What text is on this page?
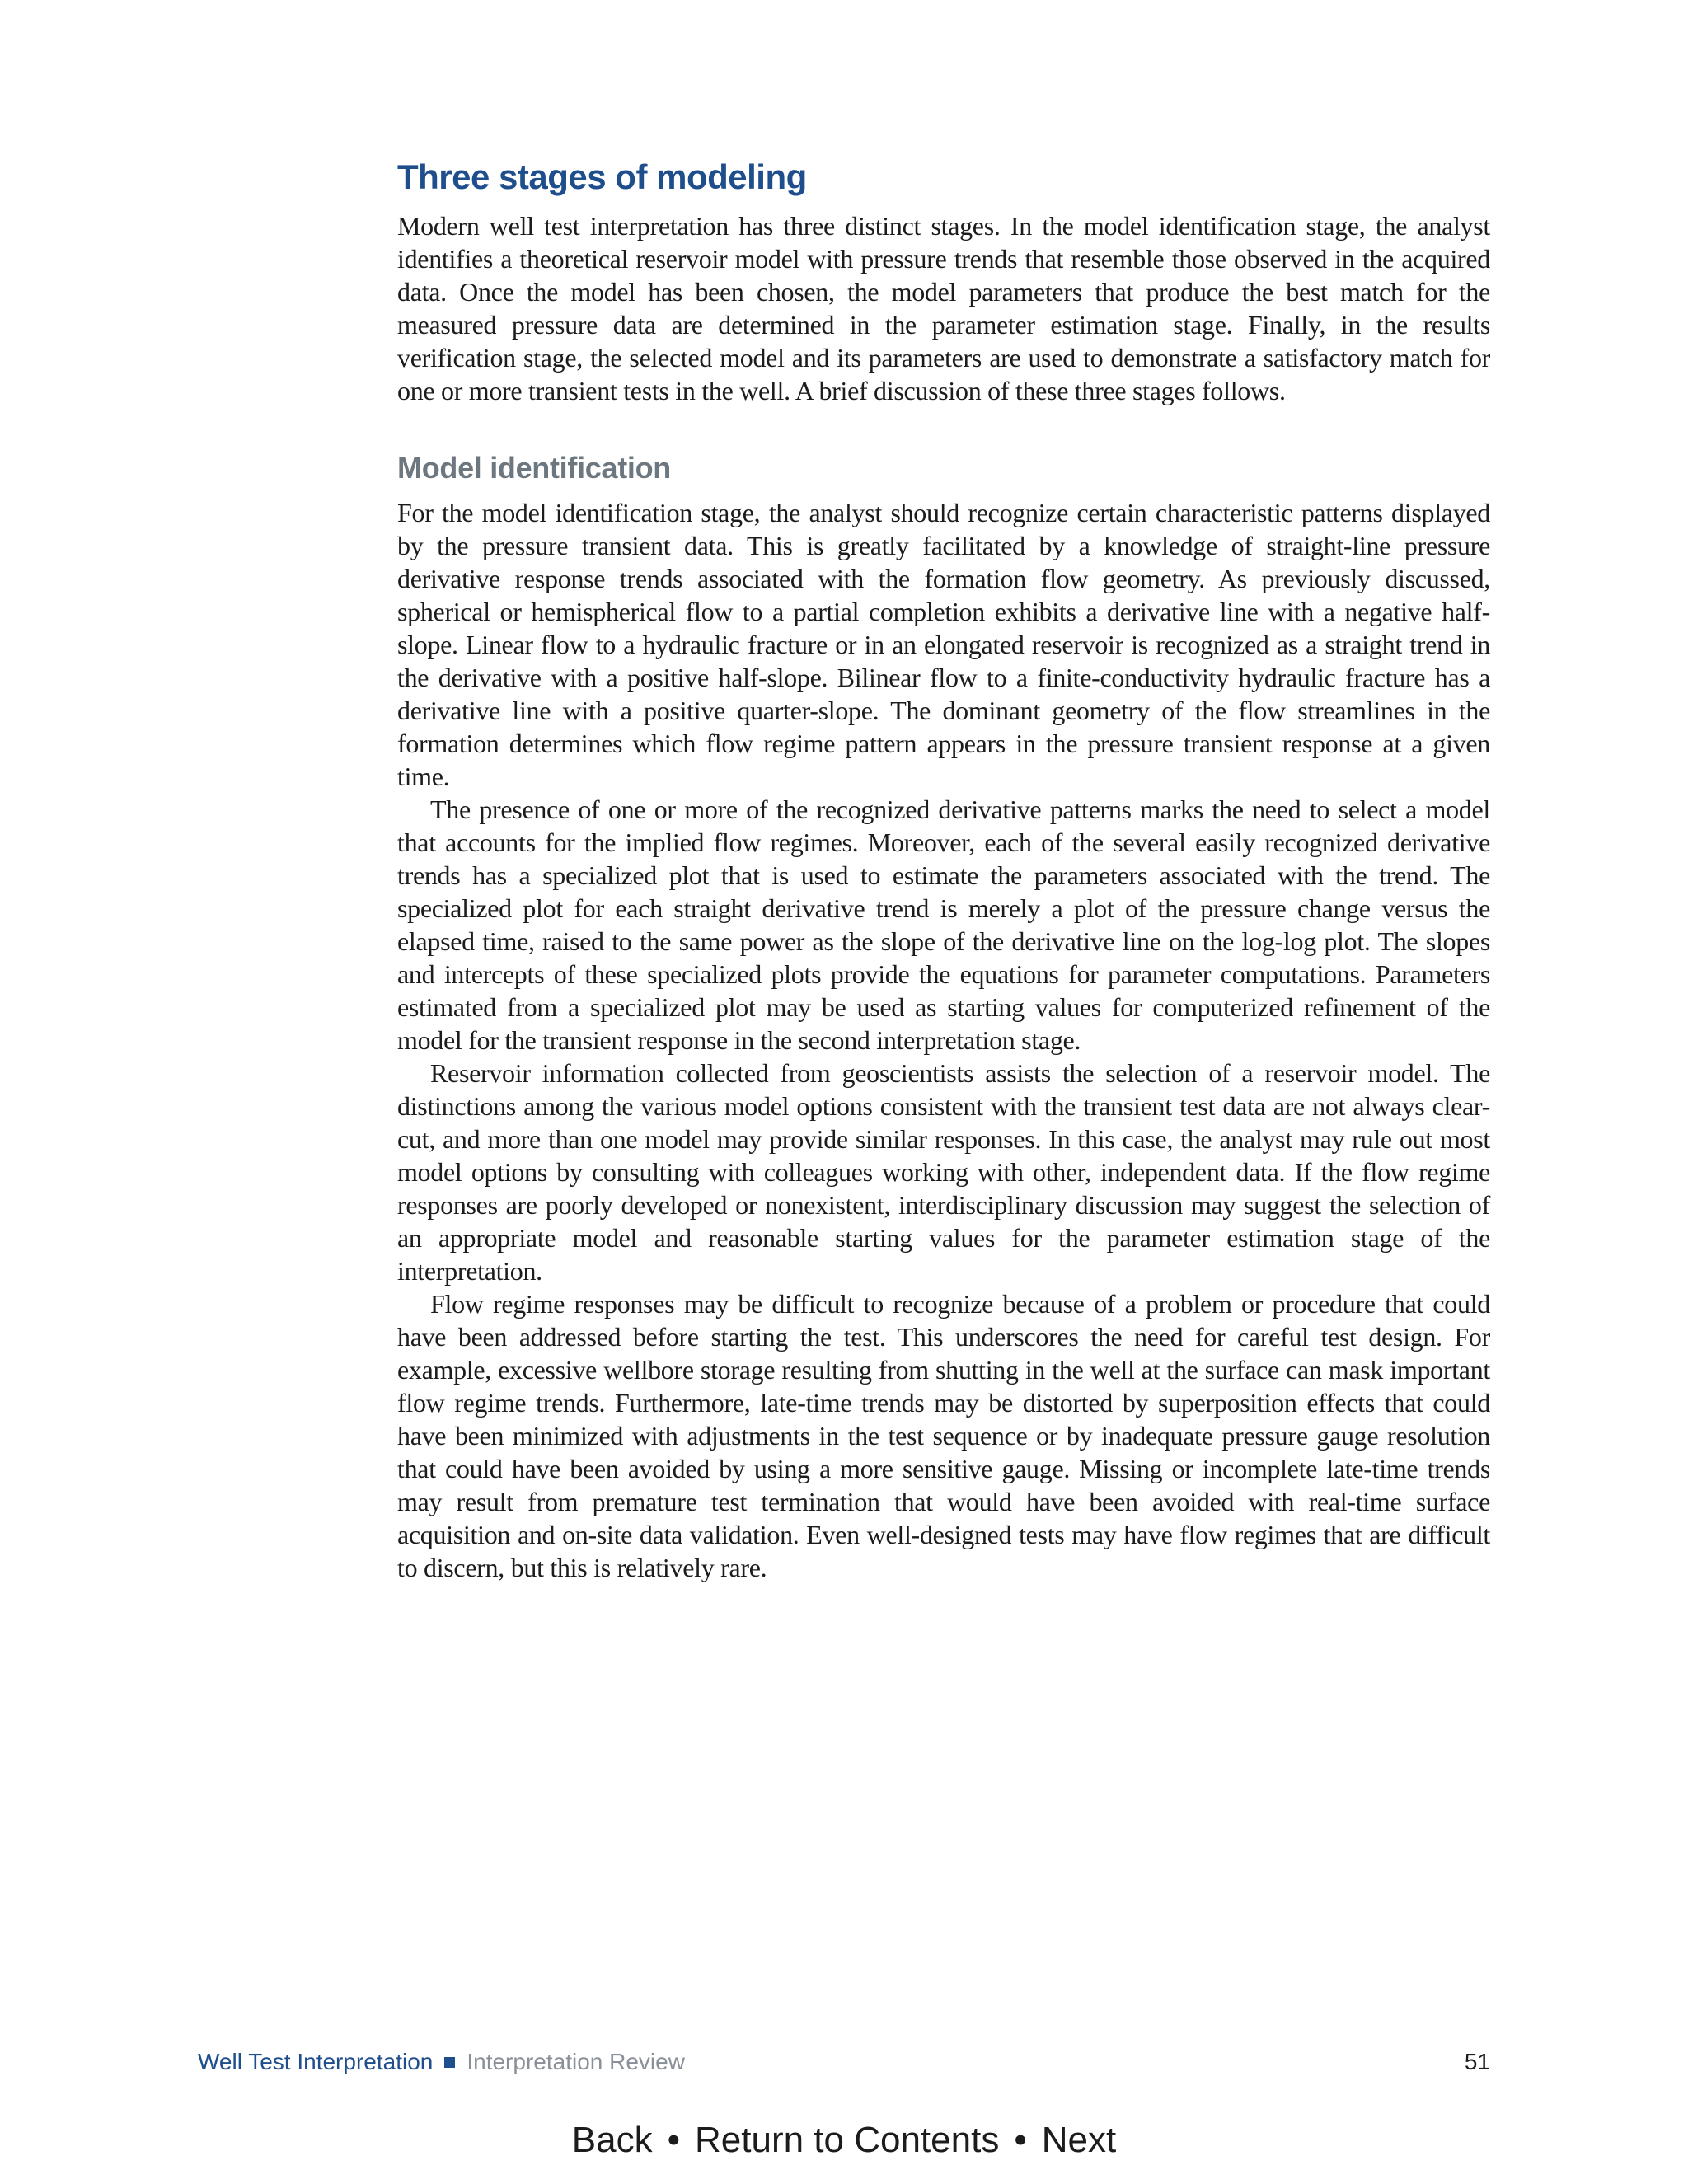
Three stages of modeling

Modern well test interpretation has three distinct stages. In the model identification stage, the analyst identifies a theoretical reservoir model with pressure trends that resemble those observed in the acquired data. Once the model has been chosen, the model parameters that produce the best match for the measured pressure data are determined in the parameter estimation stage. Finally, in the results verification stage, the selected model and its parameters are used to demonstrate a satisfactory match for one or more transient tests in the well. A brief discussion of these three stages follows.

Model identification

For the model identification stage, the analyst should recognize certain characteristic patterns displayed by the pressure transient data. This is greatly facilitated by a knowledge of straight-line pressure derivative response trends associated with the formation flow geometry. As previously discussed, spherical or hemispherical flow to a partial completion exhibits a derivative line with a negative half-slope. Linear flow to a hydraulic fracture or in an elongated reservoir is recognized as a straight trend in the derivative with a positive half-slope. Bilinear flow to a finite-conductivity hydraulic fracture has a derivative line with a positive quarter-slope. The dominant geometry of the flow streamlines in the formation determines which flow regime pattern appears in the pressure transient response at a given time.

The presence of one or more of the recognized derivative patterns marks the need to select a model that accounts for the implied flow regimes. Moreover, each of the several easily recognized derivative trends has a specialized plot that is used to estimate the parameters associated with the trend. The specialized plot for each straight derivative trend is merely a plot of the pressure change versus the elapsed time, raised to the same power as the slope of the derivative line on the log-log plot. The slopes and intercepts of these specialized plots provide the equations for parameter computations. Parameters estimated from a specialized plot may be used as starting values for computerized refinement of the model for the transient response in the second interpretation stage.

Reservoir information collected from geoscientists assists the selection of a reservoir model. The distinctions among the various model options consistent with the transient test data are not always clear-cut, and more than one model may provide similar responses. In this case, the analyst may rule out most model options by consulting with colleagues working with other, independent data. If the flow regime responses are poorly developed or nonexistent, interdisciplinary discussion may suggest the selection of an appropriate model and reasonable starting values for the parameter estimation stage of the interpretation.

Flow regime responses may be difficult to recognize because of a problem or procedure that could have been addressed before starting the test. This underscores the need for careful test design. For example, excessive wellbore storage resulting from shutting in the well at the surface can mask important flow regime trends. Furthermore, late-time trends may be distorted by superposition effects that could have been minimized with adjustments in the test sequence or by inadequate pressure gauge resolution that could have been avoided by using a more sensitive gauge. Missing or incomplete late-time trends may result from premature test termination that would have been avoided with real-time surface acquisition and on-site data validation. Even well-designed tests may have flow regimes that are difficult to discern, but this is relatively rare.

Well Test Interpretation Interpretation Review	51
Back • Return to Contents • Next
